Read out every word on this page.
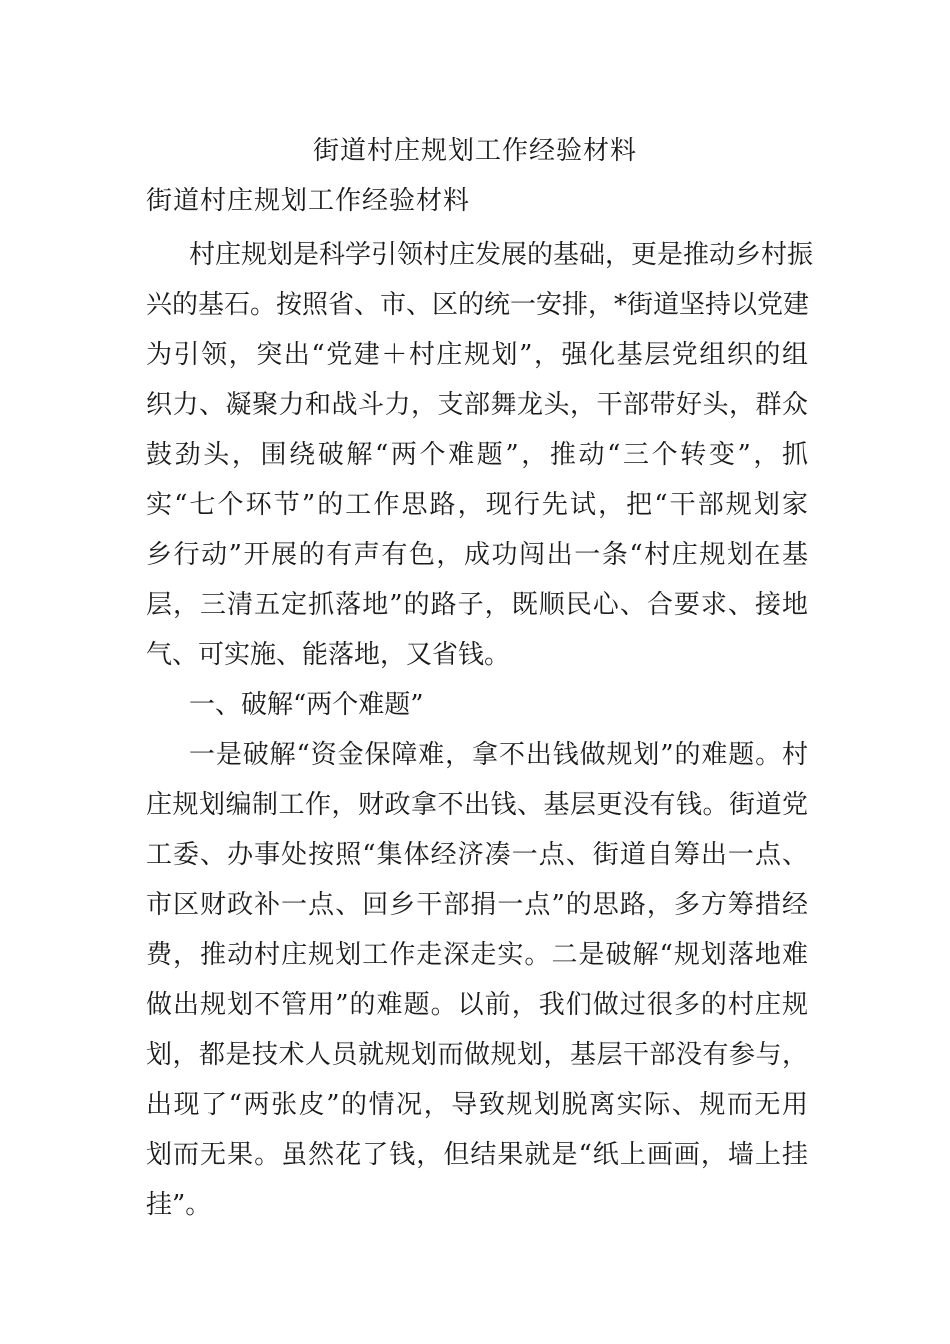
街道村庄规划工作经验材料
街道村庄规划工作经验材料
村庄规划是科学引领村庄发展的基础，更是推动乡村振
兴的基石。按照省、市、区的统一安排，*街道坚持以党建
为引领，突出“党建＋村庄规划”，强化基层党组织的组
织力、凝聚力和战斗力，支部舞龙头，干部带好头，群众
鼓劲头，围绕破解“两个难题”，推动“三个转变”，抓
实“七个环节”的工作思路，现行先试，把“干部规划家
乡行动”开展的有声有色，成功闯出一条“村庄规划在基
层，三清五定抓落地”的路子，既顺民心、合要求、接地
气、可实施、能落地，又省钱。
一、破解“两个难题”
一是破解“资金保障难，拿不出钱做规划”的难题。村
庄规划编制工作，财政拿不出钱、基层更没有钱。街道党
工委、办事处按照“集体经济凑一点、街道自筹出一点、
市区财政补一点、回乡干部捐一点”的思路，多方筹措经
费，推动村庄规划工作走深走实。二是破解“规划落地难
做出规划不管用”的难题。以前，我们做过很多的村庄规
划，都是技术人员就规划而做规划，基层干部没有参与，
出现了“两张皮”的情况，导致规划脱离实际、规而无用
划而无果。虽然花了钱，但结果就是“纸上画画，墙上挂
挂”。
